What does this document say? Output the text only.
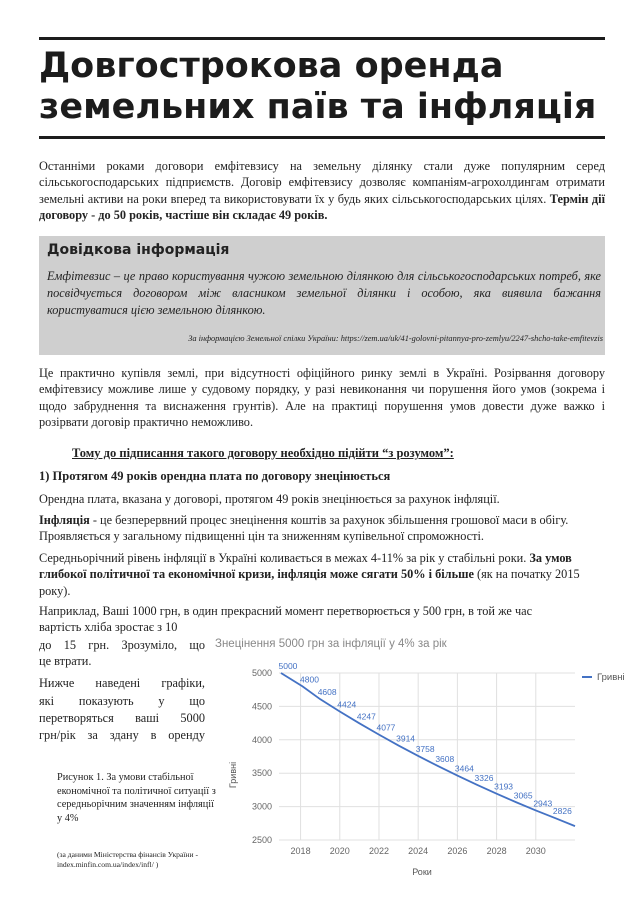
Довгострокова оренда
земельних паїв та інфляція
Останніми роками договори емфітевзису на земельну ділянку стали дуже популярним серед сільськогосподарських підприємств. Договір емфітевзису дозволяє компаніям-агрохолдингам отримати земельні активи на роки вперед та використовувати їх у будь яких сільськогосподарських цілях. Термін дії договору - до 50 років, частіше він складає 49 років.
Довідкова інформація
Емфітевзис – це право користування чужою земельною ділянкою для сільськогосподарських потреб, яке посвідчується договором між власником земельної ділянки і особою, яка виявила бажання користуватися цією земельною ділянкою.
За інформацією Земельної спілки України: https://zem.ua/uk/41-golovni-pitannya-pro-zemlyu/2247-shcho-take-emfitevzis
Це практично купівля землі, при відсутності офіційного ринку землі в Україні. Розірвання договору емфітевзису можливе лише у судовому порядку, у разі невиконання чи порушення його умов (зокрема і щодо забруднення та виснаження грунтів). Але на практиці порушення умов довести дуже важко і розірвати договір практично неможливо.
Тому до підписання такого договору необхідно підійти “з розумом”:
1) Протягом 49 років орендна плата по договору знецінюється
Орендна плата, вказана у договорі, протягом 49 років знецінюється за рахунок інфляції.
Інфляція - це безперервний процес знецінення коштів за рахунок збільшення грошової маси в обігу. Проявляється у загальному підвищенні цін та зниженням купівельної спроможності.
Середньорічний рівень інфляції в Україні коливається в межах 4-11% за рік у стабільні роки. За умов глибокої політичної та економічної кризи, інфляція може сягати 50% і більше (як на початку 2015 року).
Наприклад, Ваші 1000 грн, в один прекрасний момент перетворюється у 500 грн, в той же час
вартість хліба зростає з 10
до 15 грн. Зрозуміло, що
це втрати.
Нижче наведені графіки,
які показують у що
перетворяться ваші 5000
грн/рік за здану в оренду
Рисунок 1. За умови стабільної економічної та політичної ситуації з середньорічним значенням інфляції у 4%
(за даними Міністерства фінансів України - index.minfin.com.ua/index/infl/ )
Знецінення 5000 грн за інфляції у 4% за рік
2500
3000
3500
4000
4500
5000
2018 2020 2022 2024 2026 2028 2030
5000
4800
4608
4424
4247
4077
3914
3758
3608
3464
3326
3193
3065
2943
2826
Гривні
Гривні
Роки
